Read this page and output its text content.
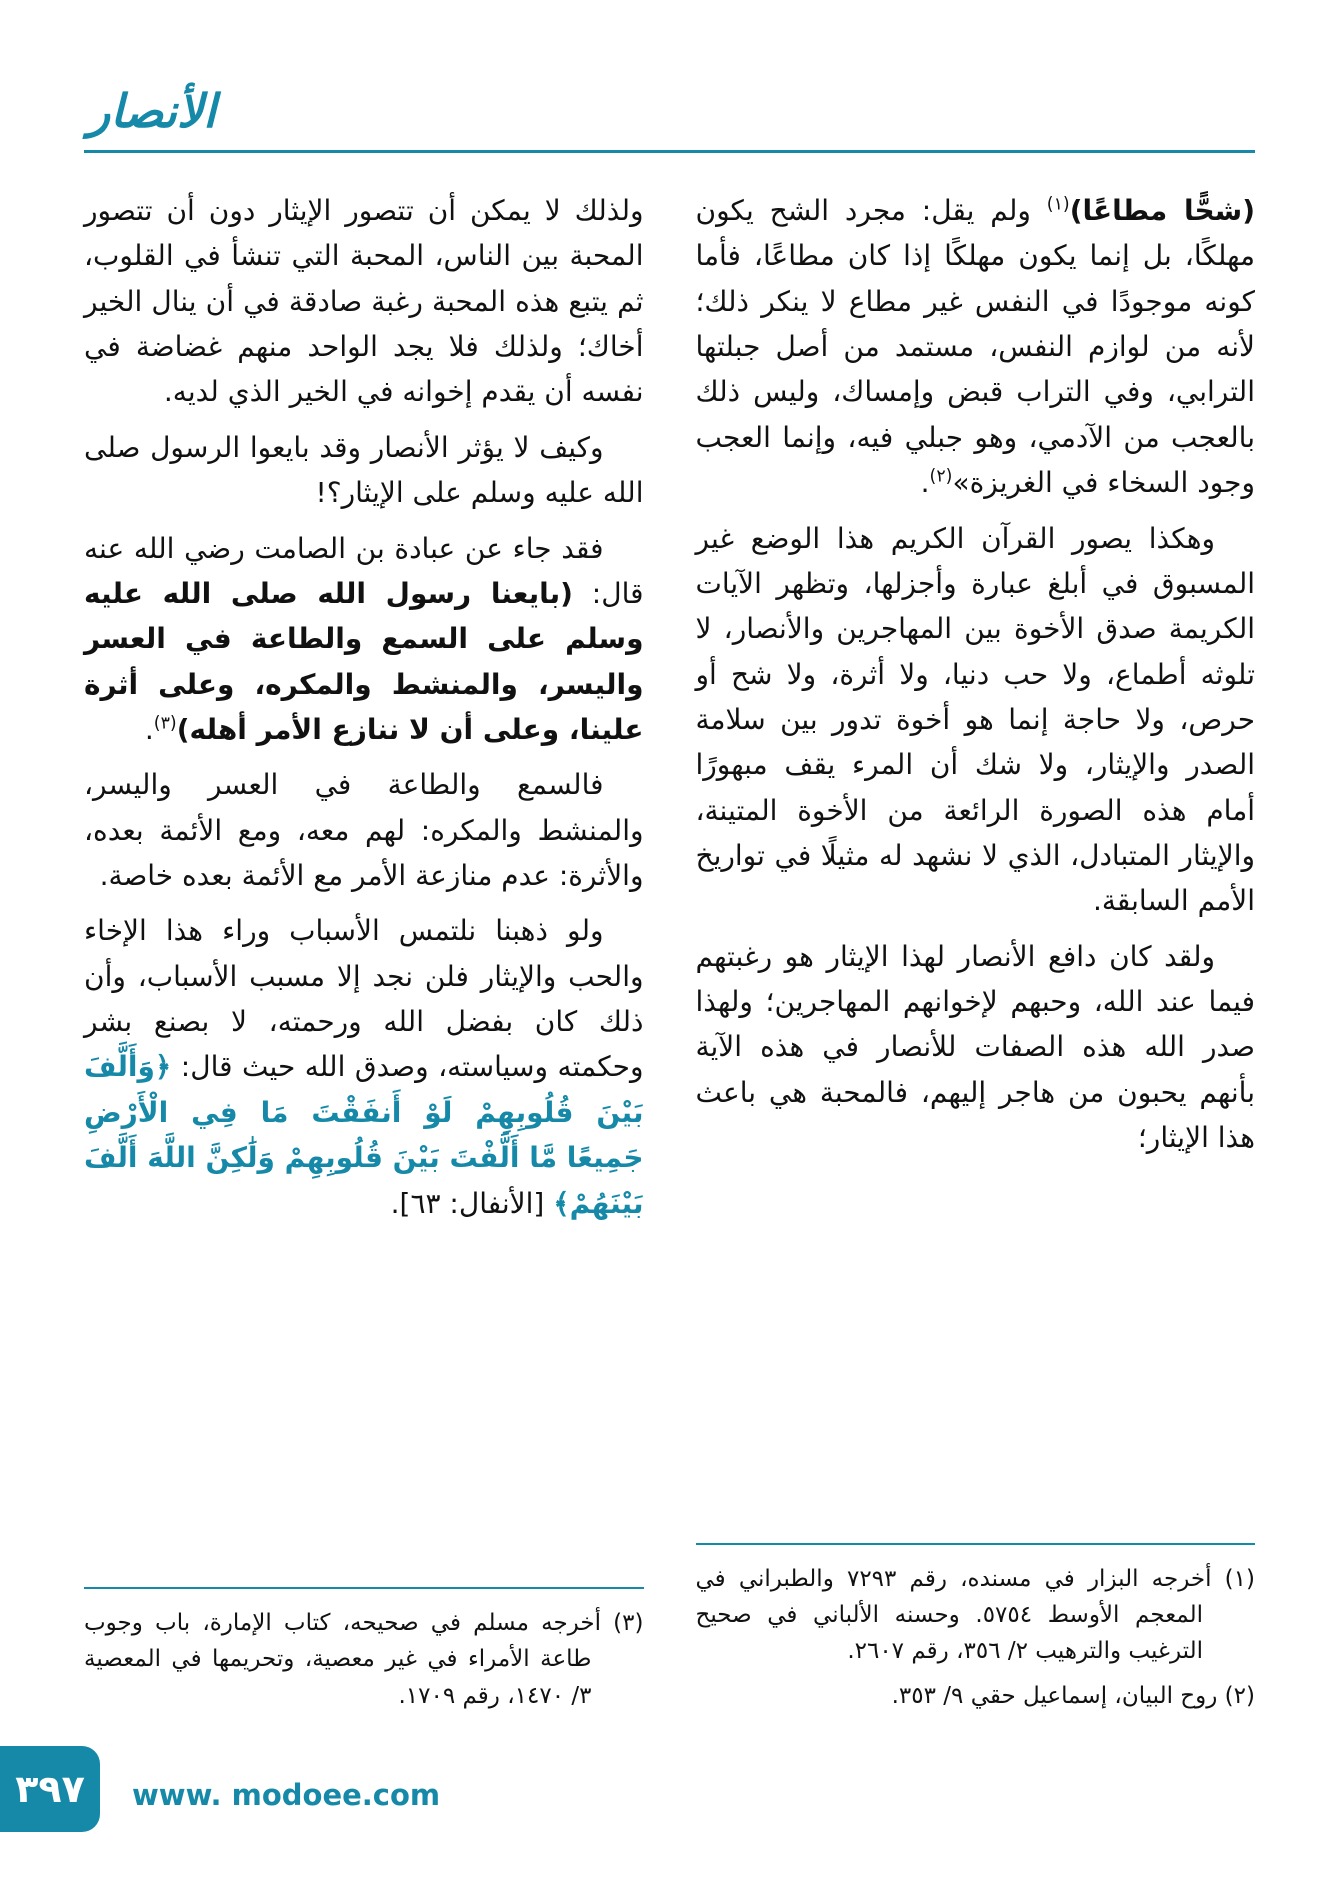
الأنصار

(شحًّا مطاعًا)$^{(١)}$ ولم يقل: مجرد الشح يكون مهلكًا، بل إنما يكون مهلكًا إذا كان مطاعًا، فأما كونه موجودًا في النفس غير مطاع لا ينكر ذلك؛ لأنه من لوازم النفس، مستمد من أصل جبلتها الترابي، وفي التراب قبض وإمساك، وليس ذلك بالعجب من الآدمي، وهو جبلي فيه، وإنما العجب وجود السخاء في الغريزة»$^{(٢)}$.

وهكذا يصور القرآن الكريم هذا الوضع غير المسبوق في أبلغ عبارة وأجزلها، وتظهر الآيات الكريمة صدق الأخوة بين المهاجرين والأنصار، لا تلوثه أطماع، ولا حب دنيا، ولا أثرة، ولا شح أو حرص، ولا حاجة إنما هو أخوة تدور بين سلامة الصدر والإيثار، ولا شك أن المرء يقف مبهورًا أمام هذه الصورة الرائعة من الأخوة المتينة، والإيثار المتبادل، الذي لا نشهد له مثيلًا في تواريخ الأمم السابقة.

ولقد كان دافع الأنصار لهذا الإيثار هو رغبتهم فيما عند الله، وحبهم لإخوانهم المهاجرين؛ ولهذا صدر الله هذه الصفات للأنصار في هذه الآية بأنهم يحبون من هاجر إليهم، فالمحبة هي باعث هذا الإيثار؛

(١) أخرجه البزار في مسنده، رقم ٧٢٩٣ والطبراني في المعجم الأوسط ٥٧٥٤. وحسنه الألباني في صحيح الترغيب والترهيب ٢/ ٣٥٦، رقم ٢٦٠٧.

(٢) روح البيان، إسماعيل حقي ٩/ ٣٥٣.

ولذلك لا يمكن أن تتصور الإيثار دون أن تتصور المحبة بين الناس، المحبة التي تنشأ في القلوب، ثم يتبع هذه المحبة رغبة صادقة في أن ينال الخير أخاك؛ ولذلك فلا يجد الواحد منهم غضاضة في نفسه أن يقدم إخوانه في الخير الذي لديه.

وكيف لا يؤثر الأنصار وقد بايعوا الرسول صلى الله عليه وسلم على الإيثار؟!

فقد جاء عن عبادة بن الصامت رضي الله عنه قال: (بايعنا رسول الله صلى الله عليه وسلم على السمع والطاعة في العسر واليسر، والمنشط والمكره، وعلى أثرة علينا، وعلى أن لا ننازع الأمر أهله)$^{(٣)}$.

فالسمع والطاعة في العسر واليسر، والمنشط والمكره: لهم معه، ومع الأئمة بعده، والأثرة: عدم منازعة الأمر مع الأئمة بعده خاصة.

ولو ذهبنا نلتمس الأسباب وراء هذا الإخاء والحب والإيثار فلن نجد إلا مسبب الأسباب، وأن ذلك كان بفضل الله ورحمته، لا بصنع بشر وحكمته وسياسته، وصدق الله حيث قال: ﴿وَأَلَّفَ بَيْنَ قُلُوبِهِمْ لَوْ أَنفَقْتَ مَا فِي الْأَرْضِ جَمِيعًا مَّا أَلَّفْتَ بَيْنَ قُلُوبِهِمْ وَلَٰكِنَّ اللَّهَ أَلَّفَ بَيْنَهُمْ﴾ [الأنفال: ٦٣].

(٣) أخرجه مسلم في صحيحه، كتاب الإمارة، باب وجوب طاعة الأمراء في غير معصية، وتحريمها في المعصية ٣/ ١٤٧٠، رقم ١٧٠٩.

٣٩٧ www. modoee.com
